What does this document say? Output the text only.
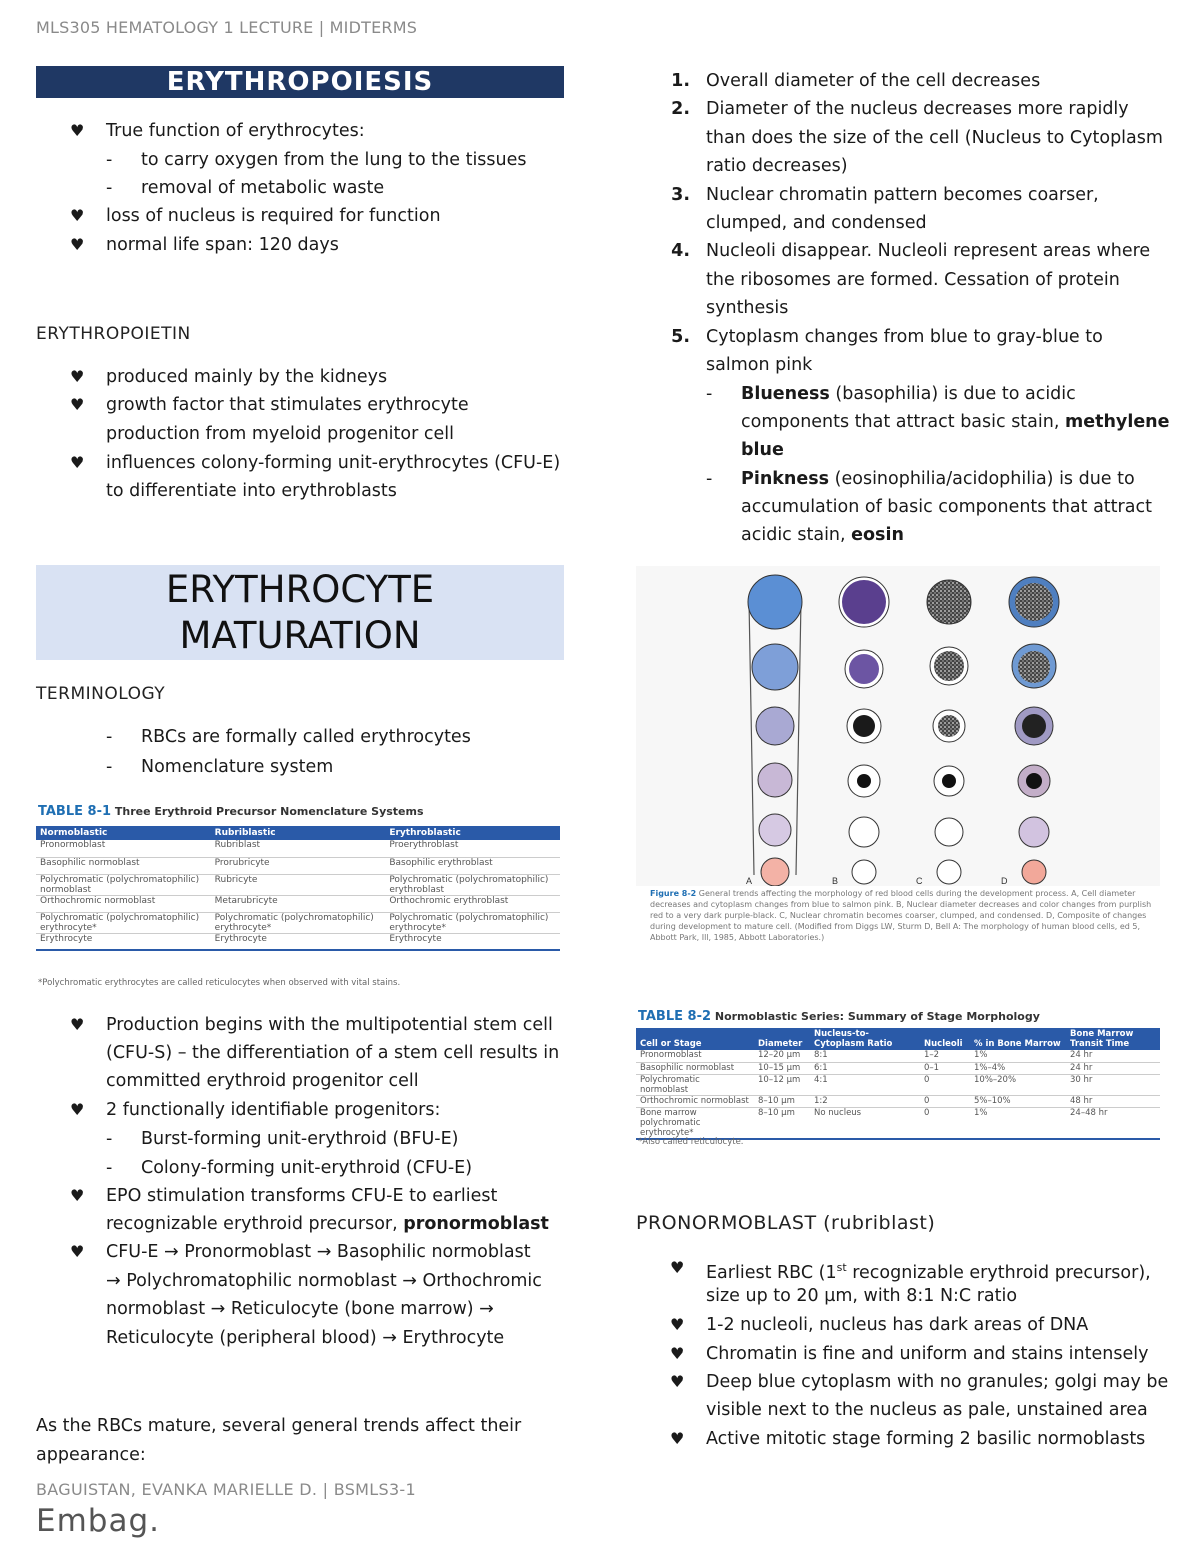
MLS305 HEMATOLOGY 1 LECTURE | MIDTERMS
ERYTHROPOIESIS
♥ True function of erythrocytes:
- to carry oxygen from the lung to the tissues
- removal of metabolic waste
♥ loss of nucleus is required for function
♥ normal life span: 120 days
ERYTHROPOIETIN
♥ produced mainly by the kidneys
♥ growth factor that stimulates erythrocyte
production from myeloid progenitor cell
♥ influences colony-forming unit-erythrocytes (CFU-E)
to differentiate into erythroblasts
ERYTHROCYTE
MATURATION
TERMINOLOGY
- RBCs are formally called erythrocytes
- Nomenclature system
TABLE 8-1 Three Erythroid Precursor Nomenclature Systems
Normoblastic	Rubriblastic	Erythroblastic
Pronormoblast	Rubriblast	Proerythroblast
Basophilic normoblast	Prorubricyte	Basophilic erythroblast
Polychromatic (polychromatophilic) normoblast	Rubricyte	Polychromatic (polychromatophilic) erythroblast
Orthochromic normoblast	Metarubricyte	Orthochromic erythroblast
Polychromatic (polychromatophilic) erythrocyte*	Polychromatic (polychromatophilic) erythrocyte*	Polychromatic (polychromatophilic) erythrocyte*
Erythrocyte	Erythrocyte	Erythrocyte
*Polychromatic erythrocytes are called reticulocytes when observed with vital stains.
♥ Production begins with the multipotential stem cell
(CFU-S) – the differentiation of a stem cell results in
committed erythroid progenitor cell
♥ 2 functionally identifiable progenitors:
- Burst-forming unit-erythroid (BFU-E)
- Colony-forming unit-erythroid (CFU-E)
♥ EPO stimulation transforms CFU-E to earliest
recognizable erythroid precursor, pronormoblast
♥ CFU-E → Pronormoblast → Basophilic normoblast
→ Polychromatophilic normoblast → Orthochromic
normoblast → Reticulocyte (bone marrow) →
Reticulocyte (peripheral blood) → Erythrocyte
As the RBCs mature, several general trends affect their
appearance:
1. Overall diameter of the cell decreases
2. Diameter of the nucleus decreases more rapidly
than does the size of the cell (Nucleus to Cytoplasm
ratio decreases)
3. Nuclear chromatin pattern becomes coarser,
clumped, and condensed
4. Nucleoli disappear. Nucleoli represent areas where
the ribosomes are formed. Cessation of protein
synthesis
5. Cytoplasm changes from blue to gray-blue to
salmon pink
- Blueness (basophilia) is due to acidic
components that attract basic stain, methylene
blue
- Pinkness (eosinophilia/acidophilia) is due to
accumulation of basic components that attract
acidic stain, eosin
A	B	C	D
Figure 8-2 General trends affecting the morphology of red blood cells during the development process. A, Cell diameter decreases and cytoplasm changes from blue to salmon pink. B, Nuclear diameter decreases and color changes from purplish red to a very dark purple-black. C, Nuclear chromatin becomes coarser, clumped, and condensed. D, Composite of changes during development to mature cell. (Modified from Diggs LW, Sturm D, Bell A: The morphology of human blood cells, ed 5, Abbott Park, Ill, 1985, Abbott Laboratories.)
TABLE 8-2 Normoblastic Series: Summary of Stage Morphology
Cell or Stage	Diameter	Nucleus-to-Cytoplasm Ratio	Nucleoli	% in Bone Marrow	Bone Marrow Transit Time
Pronormoblast	12–20 µm	8:1	1–2	1%	24 hr
Basophilic normoblast	10–15 µm	6:1	0–1	1%–4%	24 hr
Polychromatic normoblast	10–12 µm	4:1	0	10%–20%	30 hr
Orthochromic normoblast	8–10 µm	1:2	0	5%–10%	48 hr
Bone marrow polychromatic erythrocyte*	8–10 µm	No nucleus	0	1%	24–48 hr
*Also called reticulocyte.
PRONORMOBLAST (rubriblast)
♥ Earliest RBC (1st recognizable erythroid precursor),
size up to 20 µm, with 8:1 N:C ratio
♥ 1-2 nucleoli, nucleus has dark areas of DNA
♥ Chromatin is fine and uniform and stains intensely
♥ Deep blue cytoplasm with no granules; golgi may be
visible next to the nucleus as pale, unstained area
♥ Active mitotic stage forming 2 basilic normoblasts
BAGUISTAN, EVANKA MARIELLE D. | BSMLS3-1
Embag.
